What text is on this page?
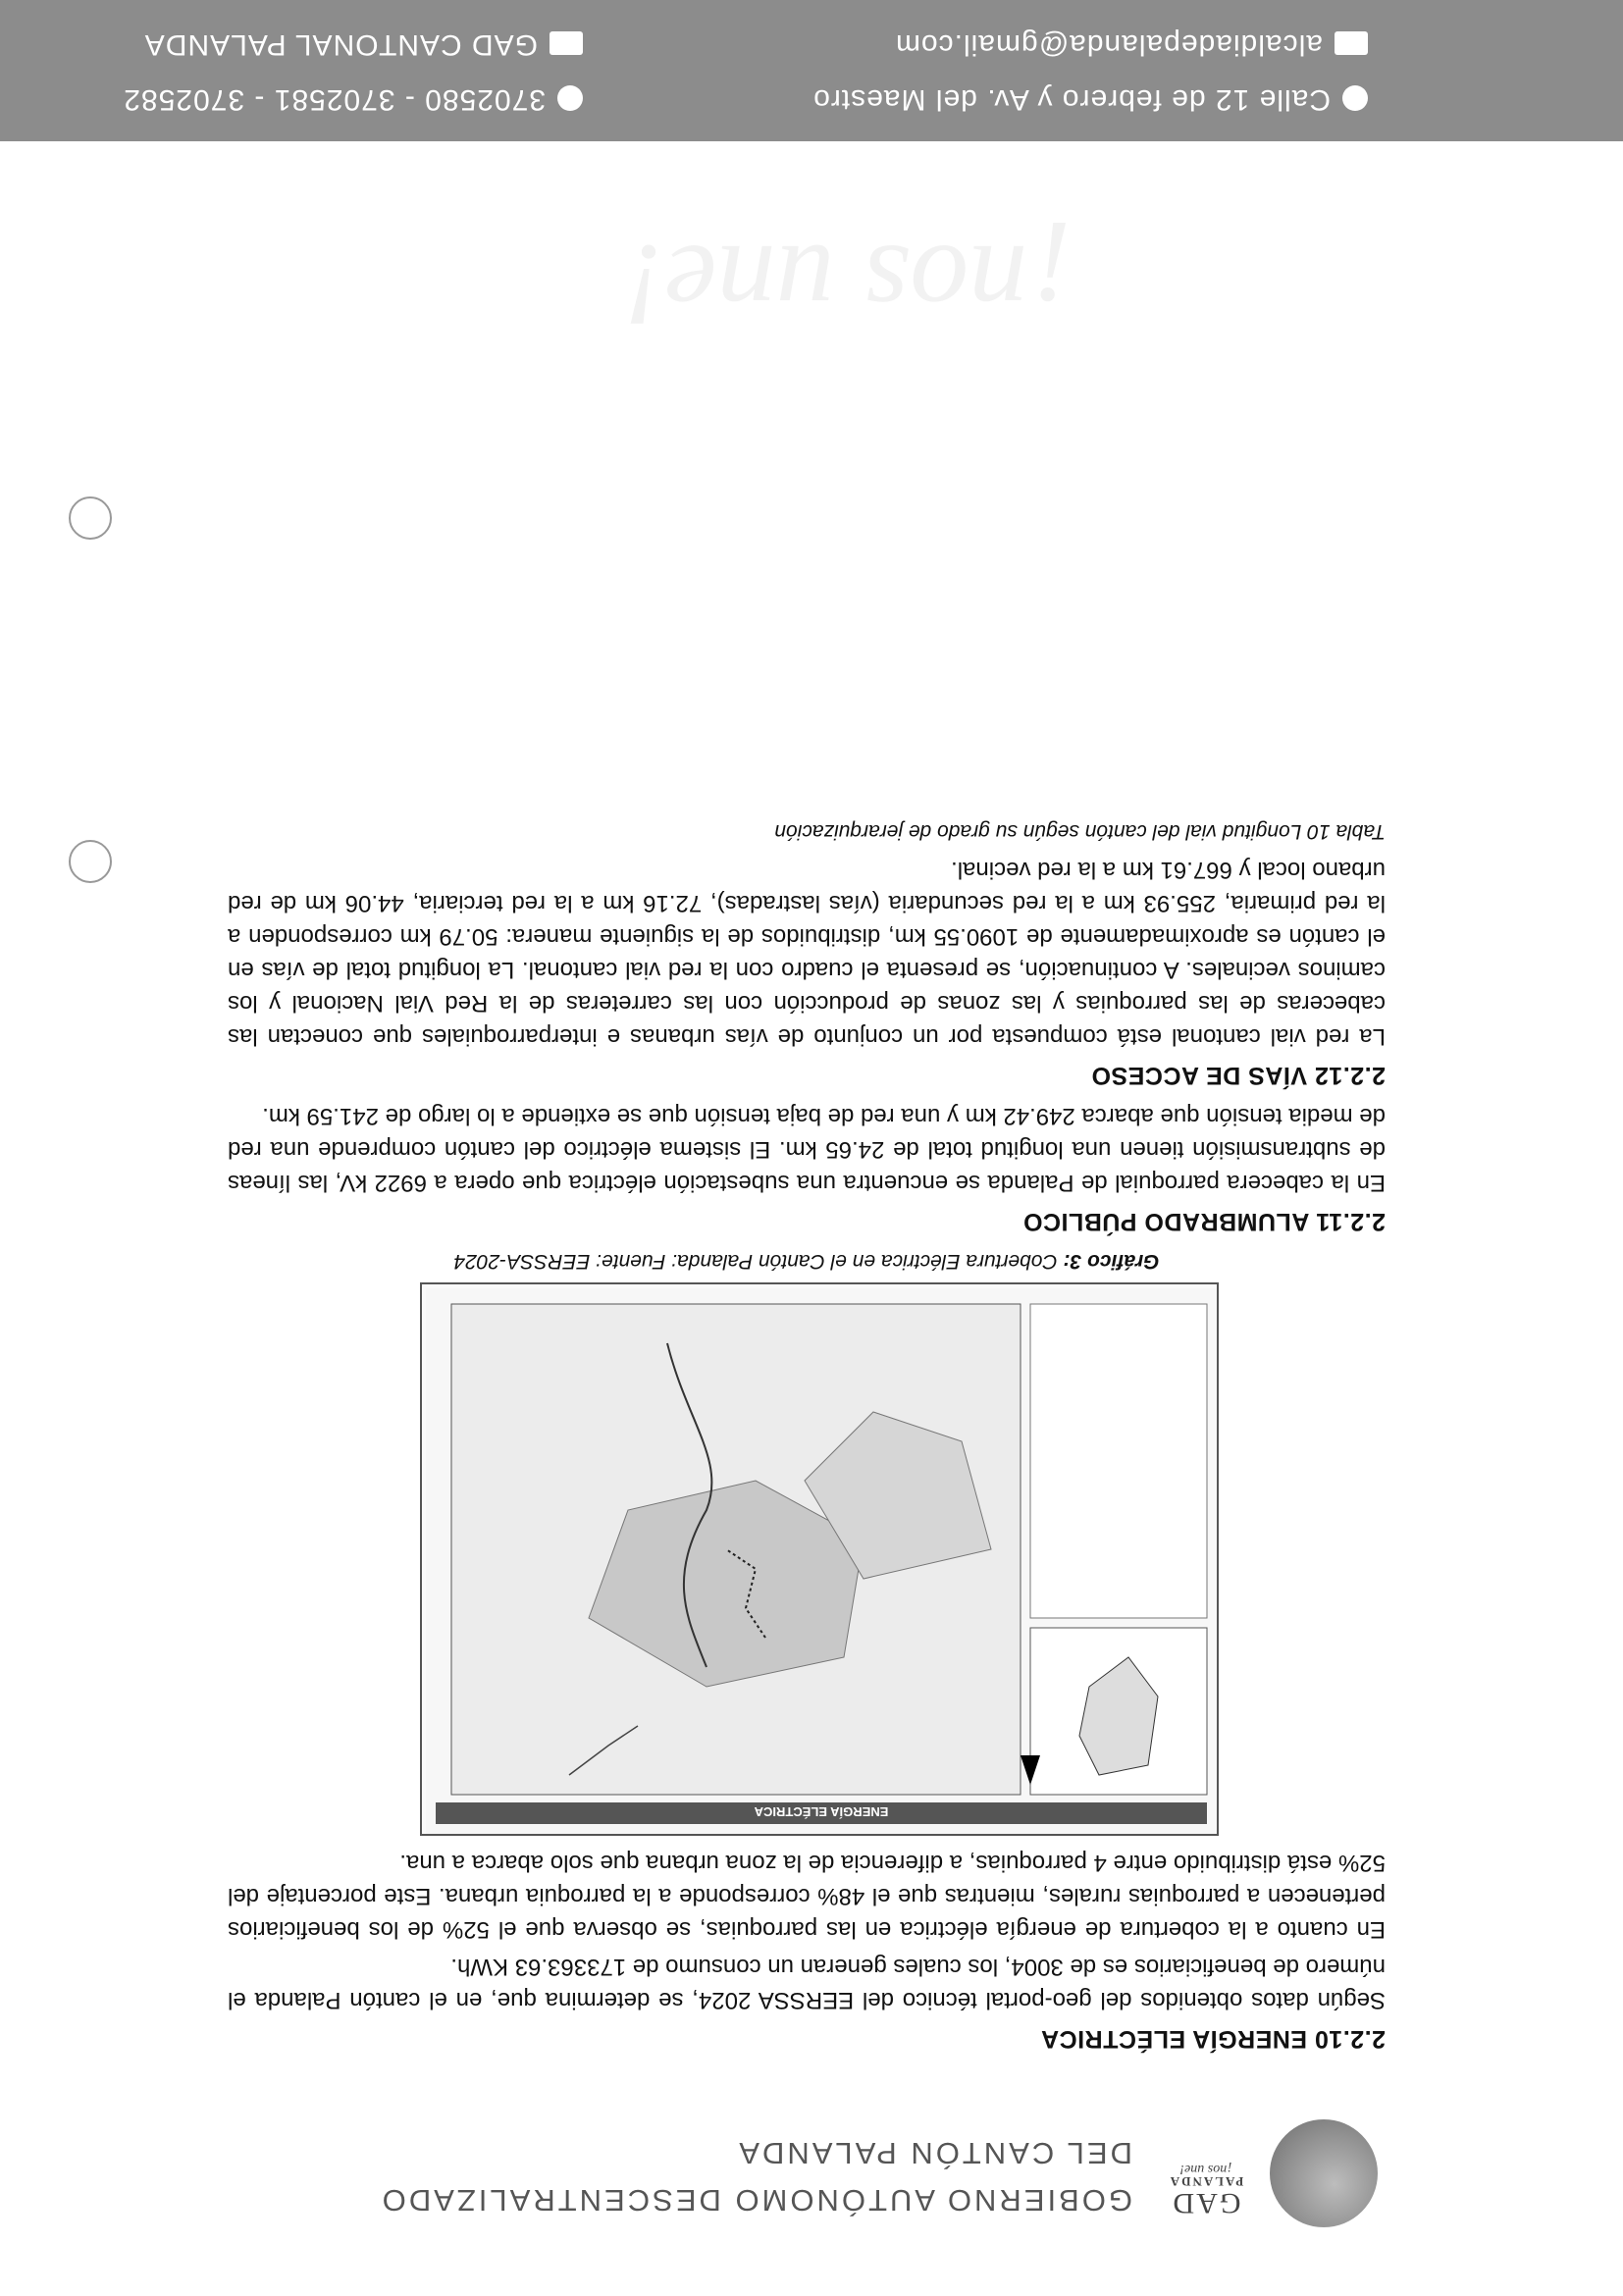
¡nos une!
GAD
PALANDA
¡nos une!
GOBIERNO AUTÓNOMO DESCENTRALIZADO
DEL CANTÓN PALANDA
2.2.10 ENERGÍA ELÉCTRICA

Según datos obtenidos del geo-portal técnico del EERSSA 2024, se determina que, en el cantón Palanda el número de beneficiarios es de 3004, los cuales generan un consumo de 173363.63 KWh.

En cuanto a la cobertura de energía eléctrica en las parroquias, se observa que el 52% de los beneficiarios pertenecen a parroquias rurales, mientras que el 48% corresponde a la parroquia urbana. Este porcentaje del 52% está distribuido entre 4 parroquias, a diferencia de la zona urbana que solo abarca a una.

ENERGÍA ELÉCTRICA
Gráfico 3: Cobertura Eléctrica en el Cantón Palanda: Fuente: EERSSA-2024
2.2.11 ALUMBRADO PÚBLICO

En la cabecera parroquial de Palanda se encuentra una subestación eléctrica que opera a 6922 kV, las líneas de subtransmisión tienen una longitud total de 24.65 km. El sistema eléctrico del cantón comprende una red de media tensión que abarca 249.42 km y una red de baja tensión que se extiende a lo largo de 241.59 km.

2.2.12 VÍAS DE ACCESO

La red vial cantonal está compuesta por un conjunto de vías urbanas e interparroquiales que conectan las cabeceras de las parroquias y las zonas de producción con las carreteras de la Red Vial Nacional y los caminos vecinales. A continuación, se presenta el cuadro con la red vial cantonal. La longitud total de vías en el cantón es aproximadamente de 1090.55 km, distribuidos de la siguiente manera: 50.79 km corresponden a la red primaria, 255.93 km a la red secundaria (vías lastradas), 72.16 km a la red terciaria, 44.06 km de red urbano local y 667.61 km a la red vecinal.

Tabla 10 Longitud vial del cantón según su grado de jerarquización
Calle 12 de febrero y Av. del Maestro
alcaldiadepalanda@gmail.com
3702580 - 3702581 - 3702582
GAD CANTONAL PALANDA
